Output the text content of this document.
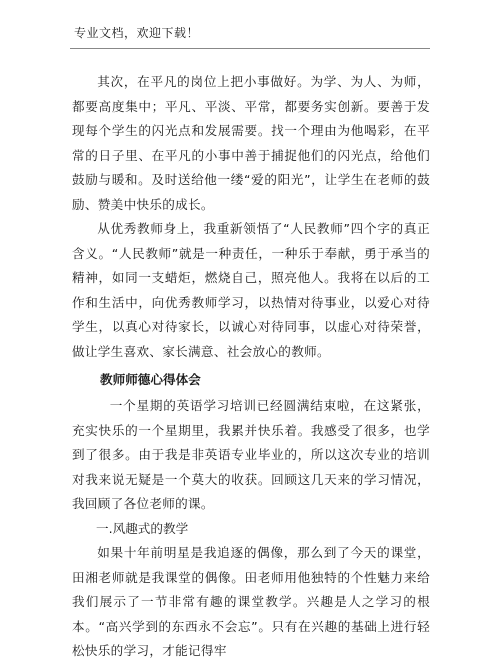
专业文档，欢迎下载！

其次，在平凡的岗位上把小事做好。为学、为人、为师，都要高度集中；平凡、平淡、平常，都要务实创新。要善于发现每个学生的闪光点和发展需要。找一个理由为他喝彩，在平常的日子里、在平凡的小事中善于捕捉他们的闪光点，给他们鼓励与暖和。及时送给他一缕“爱的阳光”，让学生在老师的鼓励、赞美中快乐的成长。

从优秀教师身上，我重新领悟了“人民教师”四个字的真正含义。“人民教师”就是一种责任，一种乐于奉献，勇于承当的精神，如同一支蜡炬，燃烧自己，照亮他人。我将在以后的工作和生活中，向优秀教师学习，以热情对待事业，以爱心对待学生，以真心对待家长，以诚心对待同事，以虚心对待荣誉，做让学生喜欢、家长满意、社会放心的教师。

教师师德心得体会

一个星期的英语学习培训已经圆满结束啦，在这紧张，充实快乐的一个星期里，我累并快乐着。我感受了很多，也学到了很多。由于我是非英语专业毕业的，所以这次专业的培训对我来说无疑是一个莫大的收获。回顾这几天来的学习情况，我回顾了各位老师的课。

一.风趣式的教学

如果十年前明星是我追逐的偶像，那么到了今天的课堂，田湘老师就是我课堂的偶像。田老师用他独特的个性魅力来给我们展示了一节非常有趣的课堂教学。兴趣是人之学习的根本。“高兴学到的东西永不会忘”。只有在兴趣的基础上进行轻松快乐的学习，才能记得牢
